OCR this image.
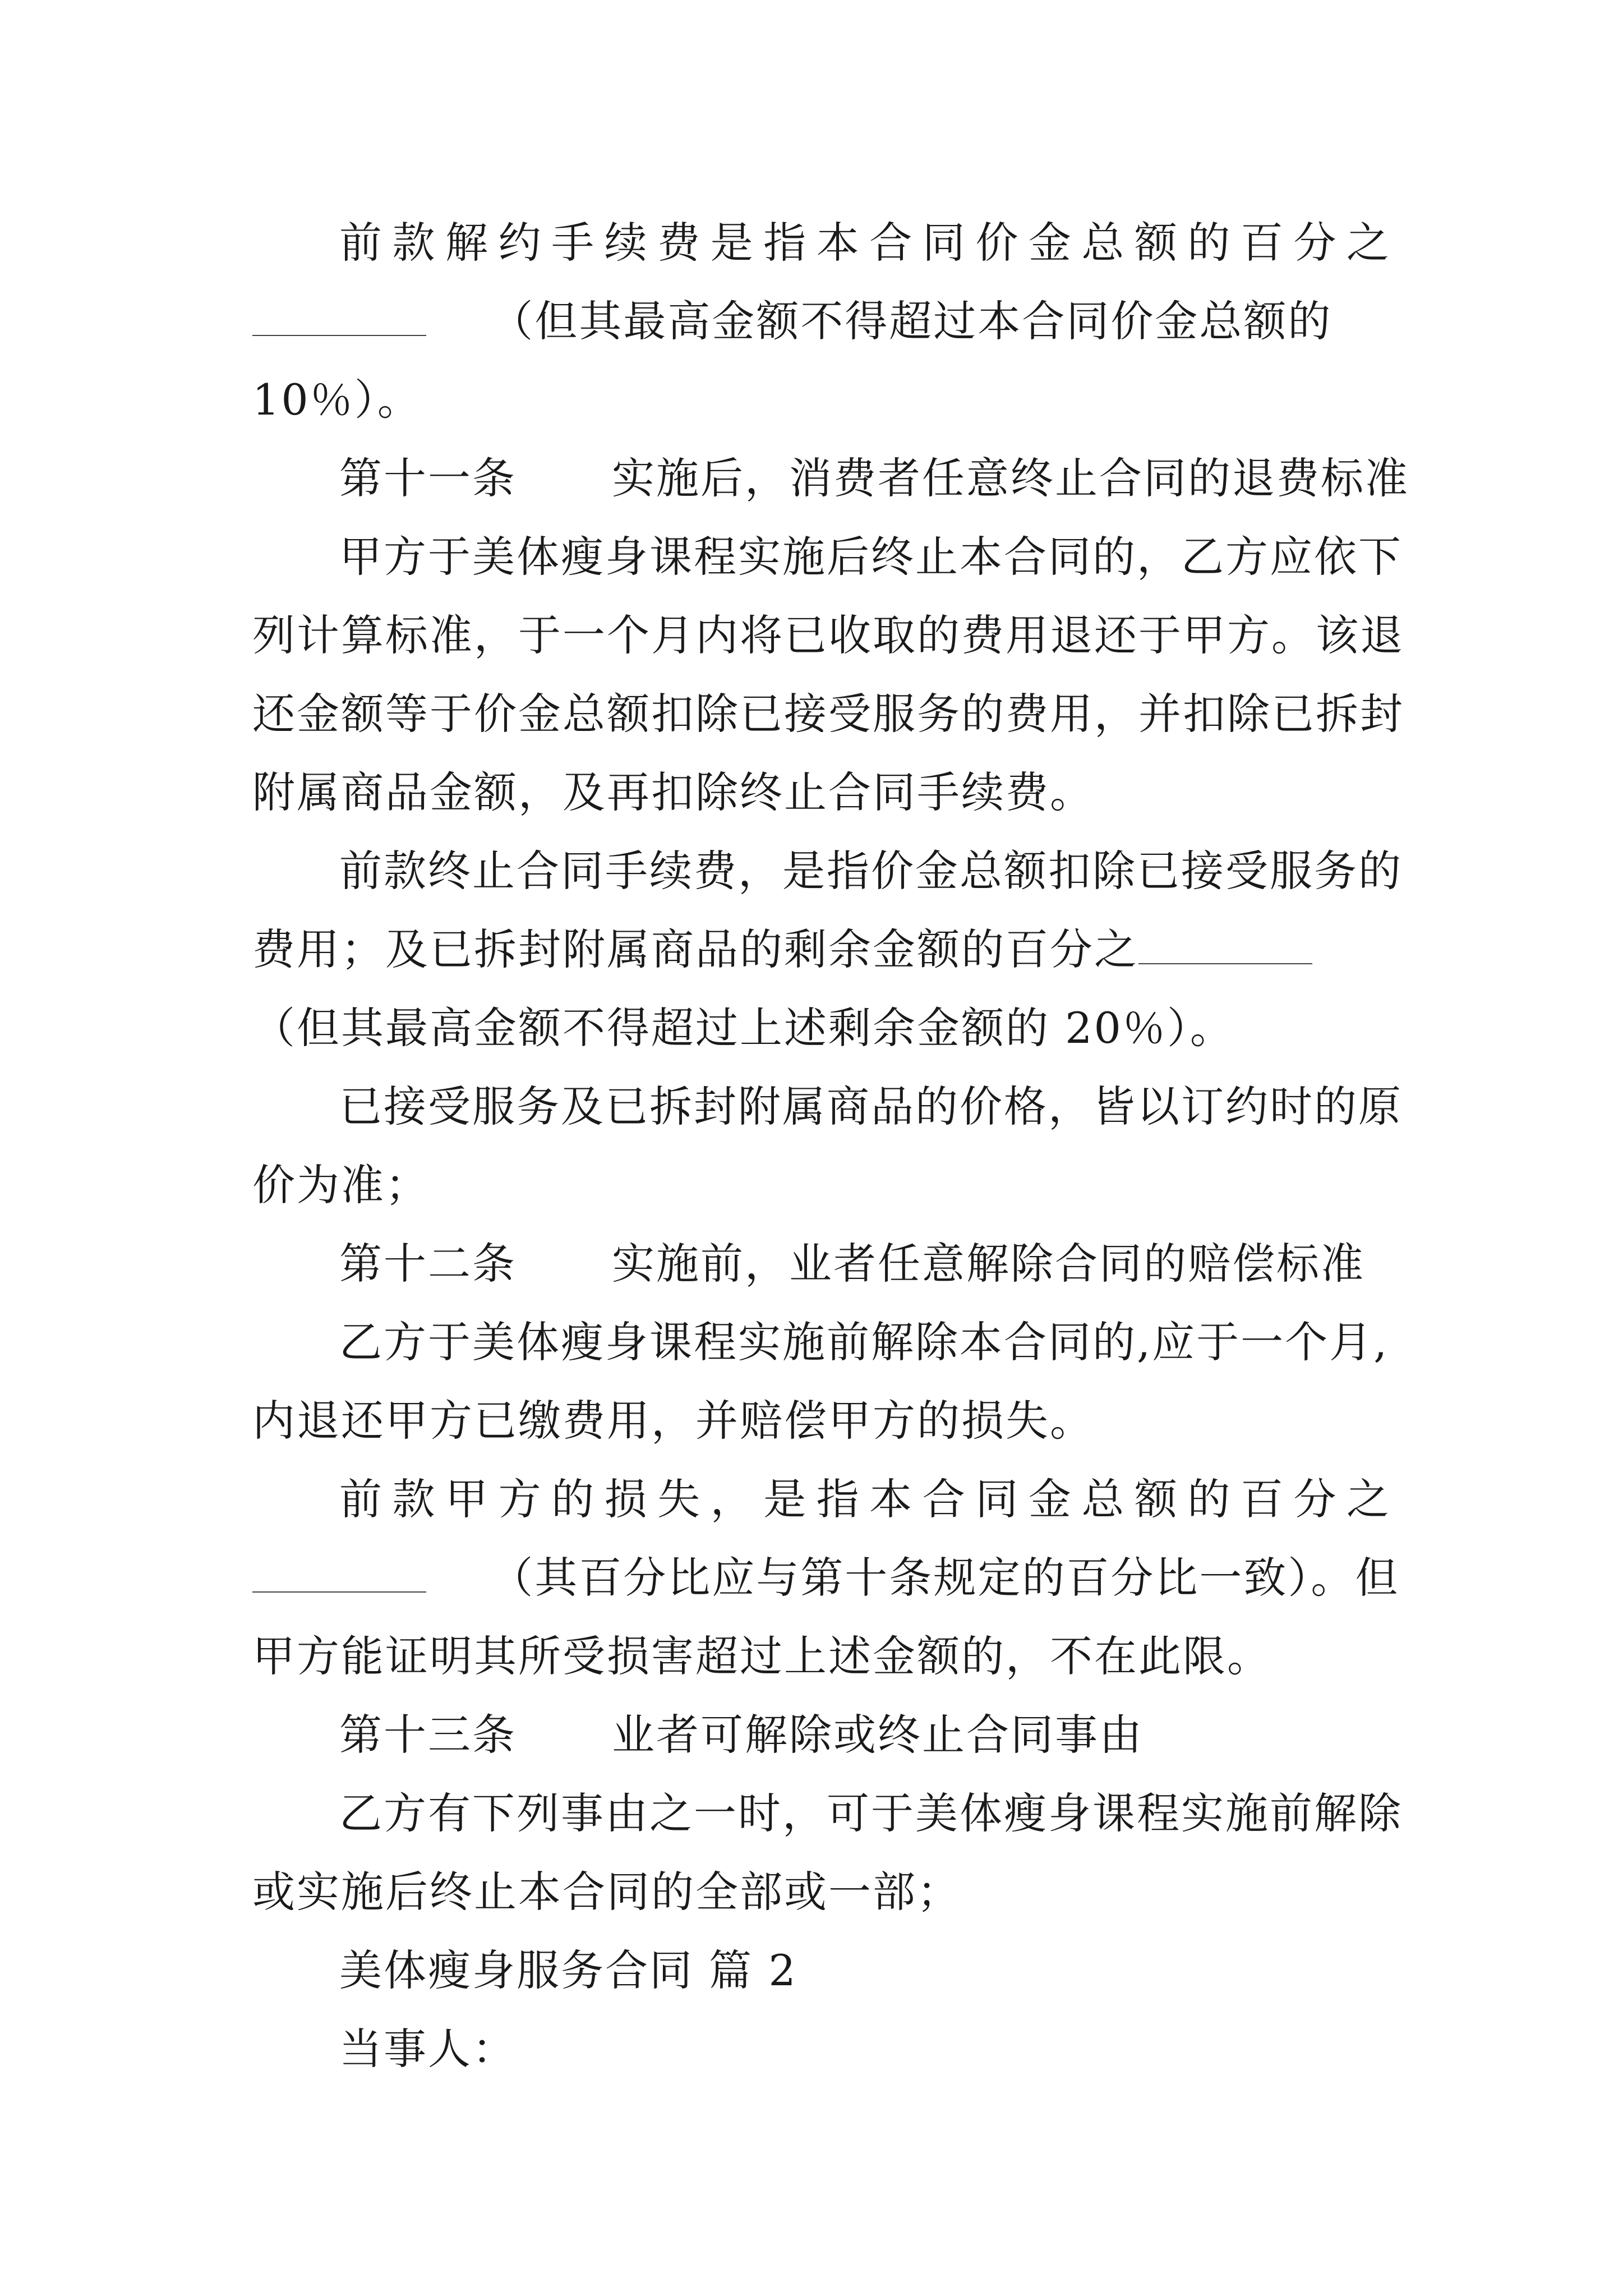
前款解约手续费是指本合同价金总额的百分之
（但其最高金额不得超过本合同价金总额的
10％）。
第十一条 实施后，消费者任意终止合同的退费标准
甲方于美体瘦身课程实施后终止本合同的，乙方应依下
列计算标准，于一个月内将已收取的费用退还于甲方。该退
还金额等于价金总额扣除已接受服务的费用，并扣除已拆封
附属商品金额，及再扣除终止合同手续费。
前款终止合同手续费，是指价金总额扣除已接受服务的
费用；及已拆封附属商品的剩余金额的百分之
（但其最高金额不得超过上述剩余金额的 20％）。
已接受服务及已拆封附属商品的价格，皆以订约时的原
价为准；
第十二条 实施前，业者任意解除合同的赔偿标准
乙方于美体瘦身课程实施前解除本合同的,应于一个月,
内退还甲方已缴费用，并赔偿甲方的损失。
前款甲方的损失，是指本合同金总额的百分之
（其百分比应与第十条规定的百分比一致）。但
甲方能证明其所受损害超过上述金额的，不在此限。
第十三条 业者可解除或终止合同事由
乙方有下列事由之一时，可于美体瘦身课程实施前解除
或实施后终止本合同的全部或一部；
美体瘦身服务合同 篇 2
当事人：
